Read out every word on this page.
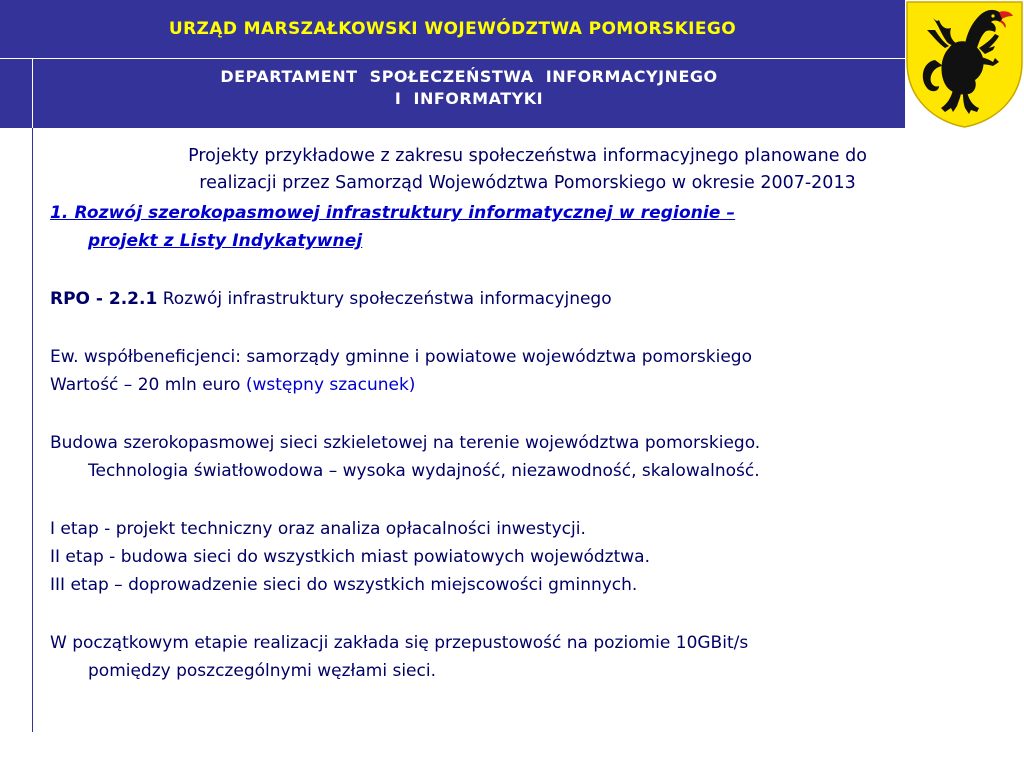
URZĄD MARSZAŁKOWSKI WOJEWÓDZTWA POMORSKIEGO
DEPARTAMENT  SPOŁECZEŃSTWA  INFORMACYJNEGO
I  INFORMATYKI
Projekty przykładowe z zakresu społeczeństwa informacyjnego planowane do
realizacji przez Samorząd Województwa Pomorskiego w okresie 2007-2013
1. Rozwój szerokopasmowej infrastruktury informatycznej w regionie –
projekt z Listy Indykatywnej
RPO - 2.2.1 Rozwój infrastruktury społeczeństwa informacyjnego
Ew. współbeneficjenci: samorządy gminne i powiatowe województwa pomorskiego
Wartość – 20 mln euro (wstępny szacunek)
Budowa szerokopasmowej sieci szkieletowej na terenie województwa pomorskiego.
Technologia światłowodowa – wysoka wydajność, niezawodność, skalowalność.
I etap - projekt techniczny oraz analiza opłacalności inwestycji.
II etap - budowa sieci do wszystkich miast powiatowych województwa.
III etap – doprowadzenie sieci do wszystkich miejscowości gminnych.
W początkowym etapie realizacji zakłada się przepustowość na poziomie 10GBit/s
pomiędzy poszczególnymi węzłami sieci.
